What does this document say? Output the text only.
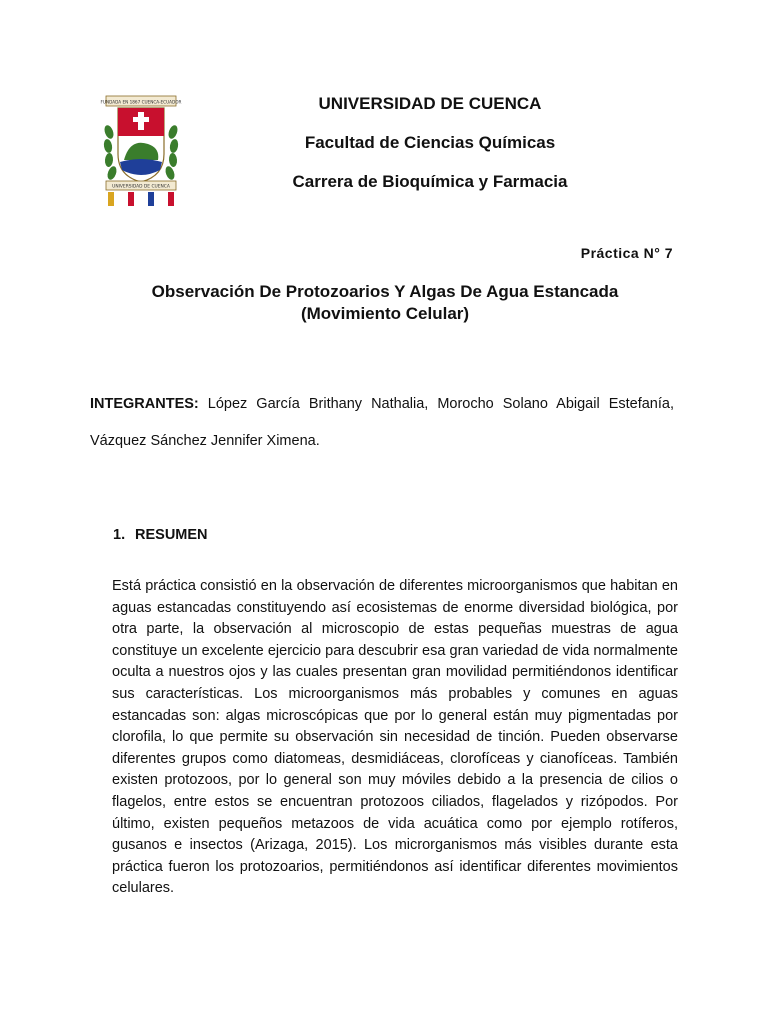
FUNDADA EN 1867 CUENCA-ECUADOR
UNIVERSIDAD DE CUENCA
UNIVERSIDAD DE CUENCA
Facultad de Ciencias Químicas
Carrera de Bioquímica y Farmacia
Práctica N° 7
Observación De Protozoarios Y Algas De Agua Estancada
(Movimiento Celular)
INTEGRANTES: López García Brithany Nathalia, Morocho Solano Abigail Estefanía, Vázquez Sánchez Jennifer Ximena.
1. RESUMEN
Está práctica consistió en la observación de diferentes microorganismos que habitan en aguas estancadas constituyendo así ecosistemas de enorme diversidad biológica, por otra parte, la observación al microscopio de estas pequeñas muestras de agua constituye un excelente ejercicio para descubrir esa gran variedad de vida normalmente oculta a nuestros ojos y las cuales presentan gran movilidad permitiéndonos identificar sus características. Los microorganismos más probables y comunes en aguas estancadas son: algas microscópicas que por lo general están muy pigmentadas por clorofila, lo que permite su observación sin necesidad de tinción. Pueden observarse diferentes grupos como diatomeas, desmidiáceas, clorofíceas y cianofíceas. También existen protozoos, por lo general son muy móviles debido a la presencia de cilios o flagelos, entre estos se encuentran protozoos ciliados, flagelados y rizópodos. Por último, existen pequeños metazoos de vida acuática como por ejemplo rotíferos, gusanos e insectos (Arizaga, 2015). Los microrganismos más visibles durante esta práctica fueron los protozoarios, permitiéndonos así identificar diferentes movimientos celulares.
